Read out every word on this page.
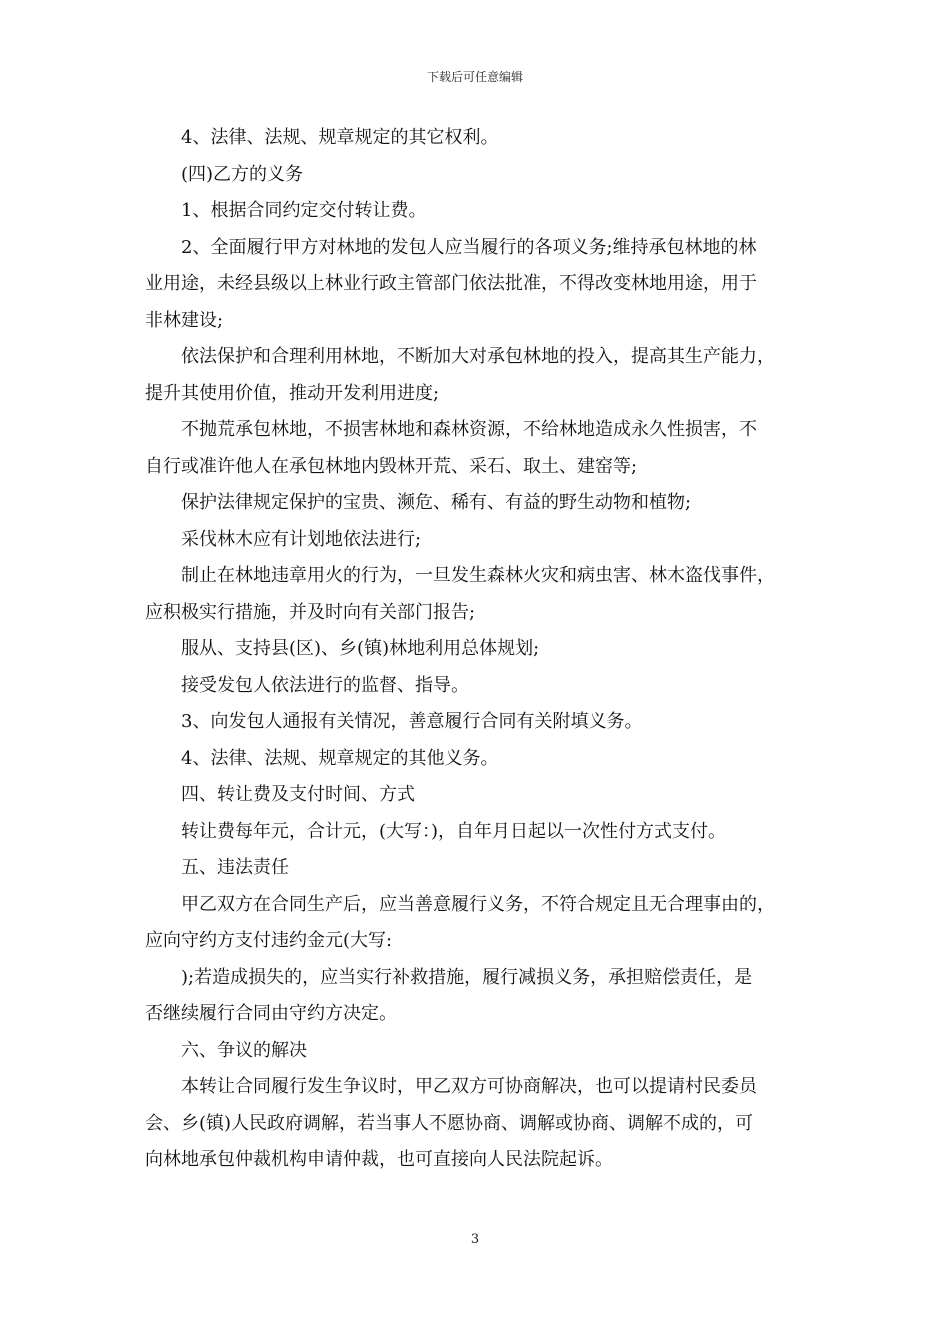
下载后可任意编辑
4、法律、法规、规章规定的其它权利。
(四)乙方的义务
1、根据合同约定交付转让费。
2、全面履行甲方对林地的发包人应当履行的各项义务;维持承包林地的林
业用途，未经县级以上林业行政主管部门依法批准，不得改变林地用途，用于
非林建设;
依法保护和合理利用林地，不断加大对承包林地的投入，提高其生产能力，
提升其使用价值，推动开发利用进度;
不抛荒承包林地，不损害林地和森林资源，不给林地造成永久性损害，不
自行或准许他人在承包林地内毁林开荒、采石、取土、建窑等;
保护法律规定保护的宝贵、濒危、稀有、有益的野生动物和植物;
采伐林木应有计划地依法进行;
制止在林地违章用火的行为，一旦发生森林火灾和病虫害、林木盗伐事件，
应积极实行措施，并及时向有关部门报告;
服从、支持县(区)、乡(镇)林地利用总体规划;
接受发包人依法进行的监督、指导。
3、向发包人通报有关情况，善意履行合同有关附填义务。
4、法律、法规、规章规定的其他义务。
四、转让费及支付时间、方式
转让费每年元，合计元，(大写：)，自年月日起以一次性付方式支付。
五、违法责任
甲乙双方在合同生产后，应当善意履行义务，不符合规定且无合理事由的，
应向守约方支付违约金元(大写:
);若造成损失的，应当实行补救措施，履行减损义务，承担赔偿责任，是
否继续履行合同由守约方决定。
六、争议的解决
本转让合同履行发生争议时，甲乙双方可协商解决，也可以提请村民委员
会、乡(镇)人民政府调解，若当事人不愿协商、调解或协商、调解不成的，可
向林地承包仲裁机构申请仲裁，也可直接向人民法院起诉。
3
